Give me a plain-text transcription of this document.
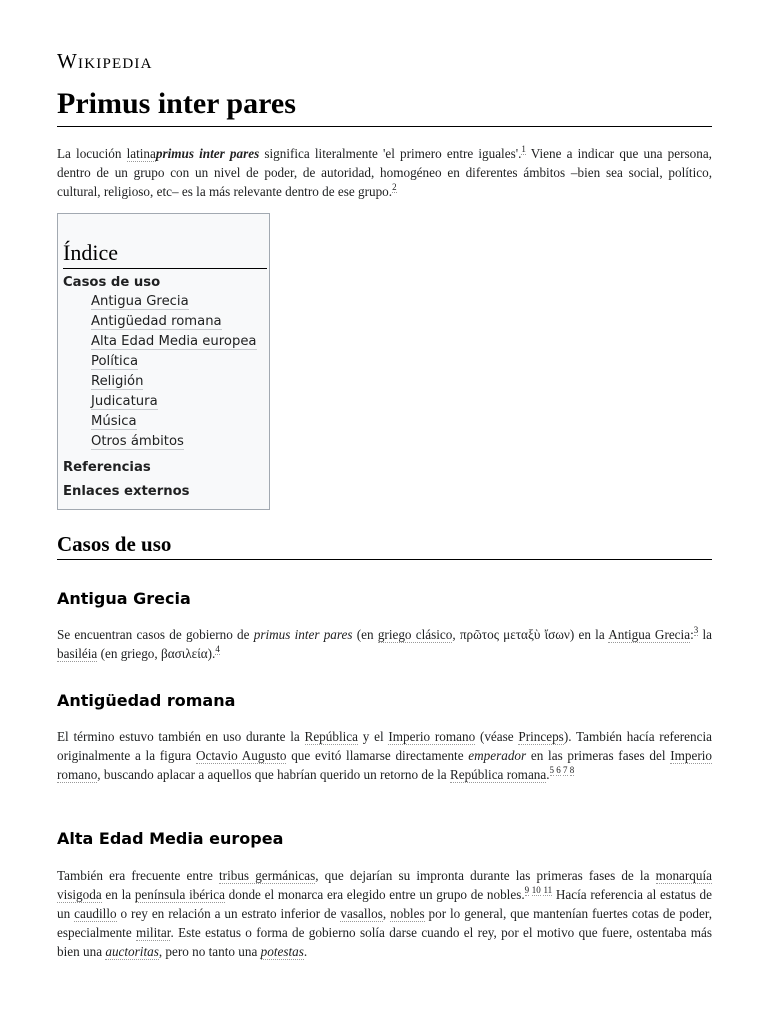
Wikipedia
Primus inter pares

La locución latinaprimus inter pares significa literalmente 'el primero entre iguales'.$^1$ Viene a indicar que una persona, dentro de un grupo con un nivel de poder, de autoridad, homogéneo en diferentes ámbitos –bien sea social, político, cultural, religioso, etc– es la más relevante dentro de ese grupo.$^2$

Índice
Casos de uso
Antigua Grecia
Antigüedad romana
Alta Edad Media europea
Política
Religión
Judicatura
Música
Otros ámbitos
Referencias
Enlaces externos
Casos de uso
Antigua Grecia

Se encuentran casos de gobierno de primus inter pares (en griego clásico, πρῶτος μεταξὺ ἴσων) en la Antigua Grecia:$^3$ la basiléia (en griego, βασιλεία).$^4$

Antigüedad romana

El término estuvo también en uso durante la República y el Imperio romano (véase Princeps). También hacía referencia originalmente a la figura Octavio Augusto que evitó llamarse directamente emperador en las primeras fases del Imperio romano, buscando aplacar a aquellos que habrían querido un retorno de la República romana.$^{5 6 7 8}$

Alta Edad Media europea

También era frecuente entre tribus germánicas, que dejarían su impronta durante las primeras fases de la monarquía visigoda en la península ibérica donde el monarca era elegido entre un grupo de nobles.$^{9 10 11}$ Hacía referencia al estatus de un caudillo o rey en relación a un estrato inferior de vasallos, nobles por lo general, que mantenían fuertes cotas de poder, especialmente militar. Este estatus o forma de gobierno solía darse cuando el rey, por el motivo que fuere, ostentaba más bien una auctoritas, pero no tanto una potestas.
